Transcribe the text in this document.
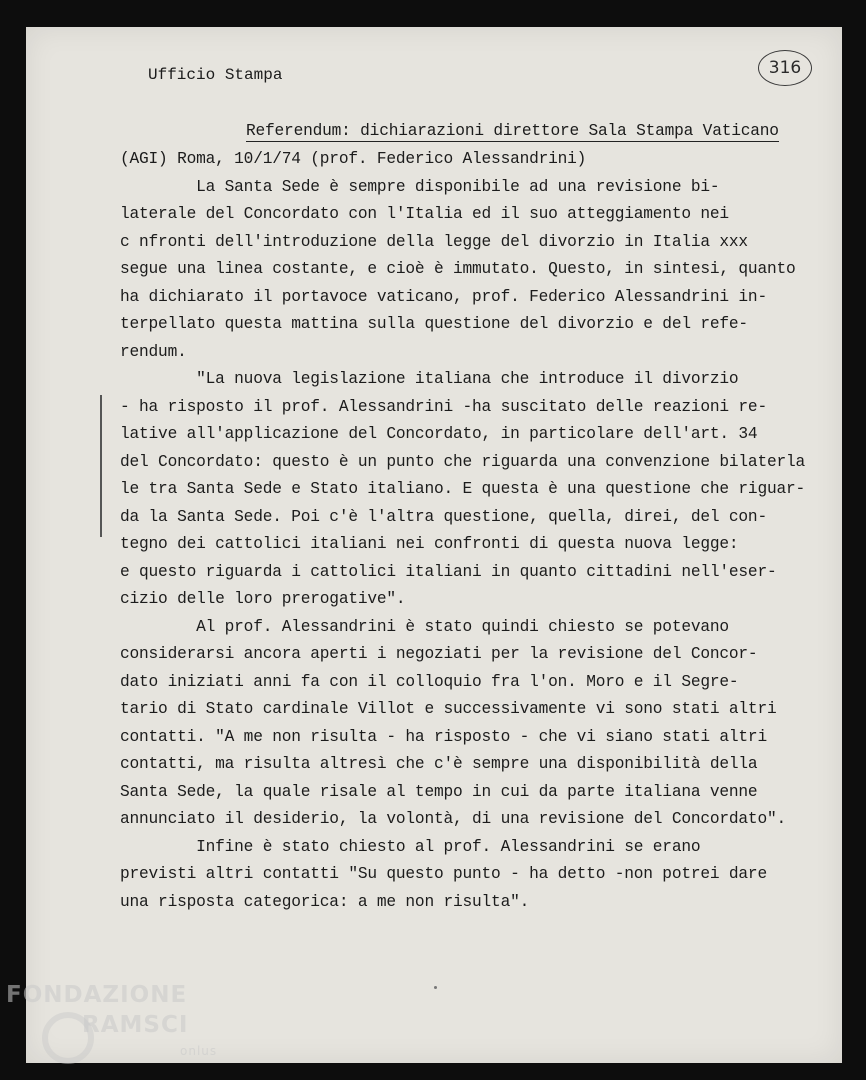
Ufficio Stampa	316
Referendum: dichiarazioni direttore Sala Stampa Vaticano
(AGI) Roma, 10/1/74 (prof. Federico Alessandrini)
La Santa Sede è sempre disponibile ad una revisione bi-
laterale del Concordato con l'Italia ed il suo atteggiamento nei
c nfronti dell'introduzione della legge del divorzio in Italia xxx
segue una linea costante, e cioè è immutato. Questo, in sintesi, quanto
ha dichiarato il portavoce vaticano, prof. Federico Alessandrini in-
terpellato questa mattina sulla questione del divorzio e del refe-
rendum.
"La nuova legislazione italiana che introduce il divorzio
- ha risposto il prof. Alessandrini -ha suscitato delle reazioni re-
lative all'applicazione del Concordato, in particolare dell'art. 34
del Concordato: questo è un punto che riguarda una convenzione bilaterla
le tra Santa Sede e Stato italiano. E questa è una questione che riguar-
da la Santa Sede. Poi c'è l'altra questione, quella, direi, del con-
tegno dei cattolici italiani nei confronti di questa nuova legge:
e questo riguarda i cattolici italiani in quanto cittadini nell'eser-
cizio delle loro prerogative".
Al prof. Alessandrini è stato quindi chiesto se potevano
considerarsi ancora aperti i negoziati per la revisione del Concor-
dato iniziati anni fa con il colloquio fra l'on. Moro e il Segre-
tario di Stato cardinale Villot e successivamente vi sono stati altri
contatti. "A me non risulta - ha risposto - che vi siano stati altri
contatti, ma risulta altresì che c'è sempre una disponibilità della
Santa Sede, la quale risale al tempo in cui da parte italiana venne
annunciato il desiderio, la volontà, di una revisione del Concordato".
Infine è stato chiesto al prof. Alessandrini se erano
previsti altri contatti "Su questo punto - ha detto -non potrei dare
una risposta categorica: a me non risulta".
FONDAZIONE
RAMSCI
onlus
